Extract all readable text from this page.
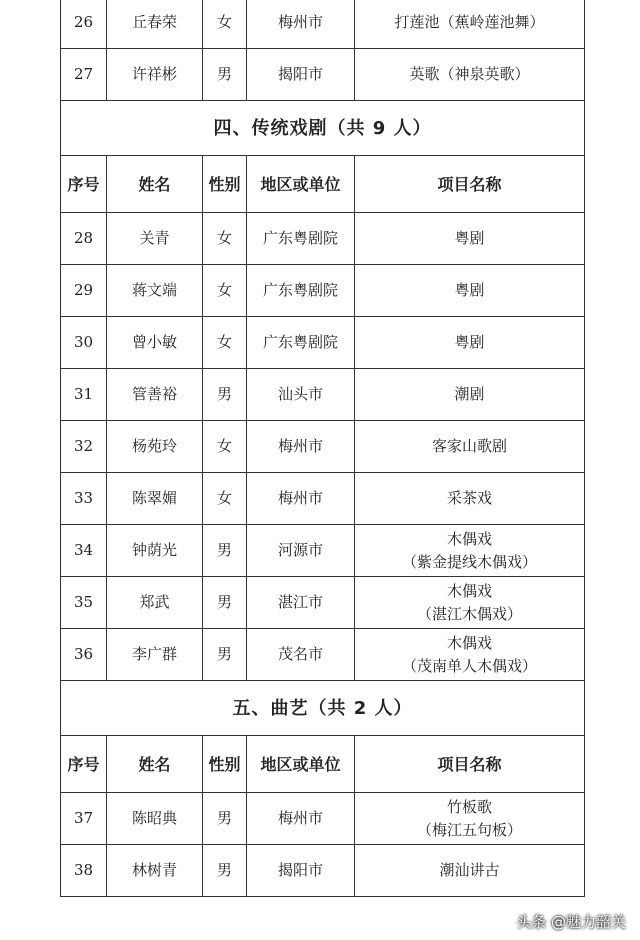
26	丘春荣	女	梅州市	打莲池（蕉岭莲池舞）

27	许祥彬	男	揭阳市	英歌（神泉英歌）

四、传统戏剧（共 9 人）				
序号	姓名	性别	地区或单位	项目名称
28	关青	女	广东粤剧院	粤剧

29	蒋文端	女	广东粤剧院	粤剧

30	曾小敏	女	广东粤剧院	粤剧

31	管善裕	男	汕头市	潮剧

32	杨苑玲	女	梅州市	客家山歌剧

33	陈翠媚	女	梅州市	采茶戏

34	钟荫光	男	河源市	木偶戏
（紫金提线木偶戏）

35	郑武	男	湛江市	木偶戏
（湛江木偶戏）

36	李广群	男	茂名市	木偶戏
（茂南单人木偶戏）

五、曲艺（共 2 人）				
序号	姓名	性别	地区或单位	项目名称
37	陈昭典	男	梅州市	竹板歌
（梅江五句板）

38	林树青	男	揭阳市	潮汕讲古
头条 @魅力韶关
